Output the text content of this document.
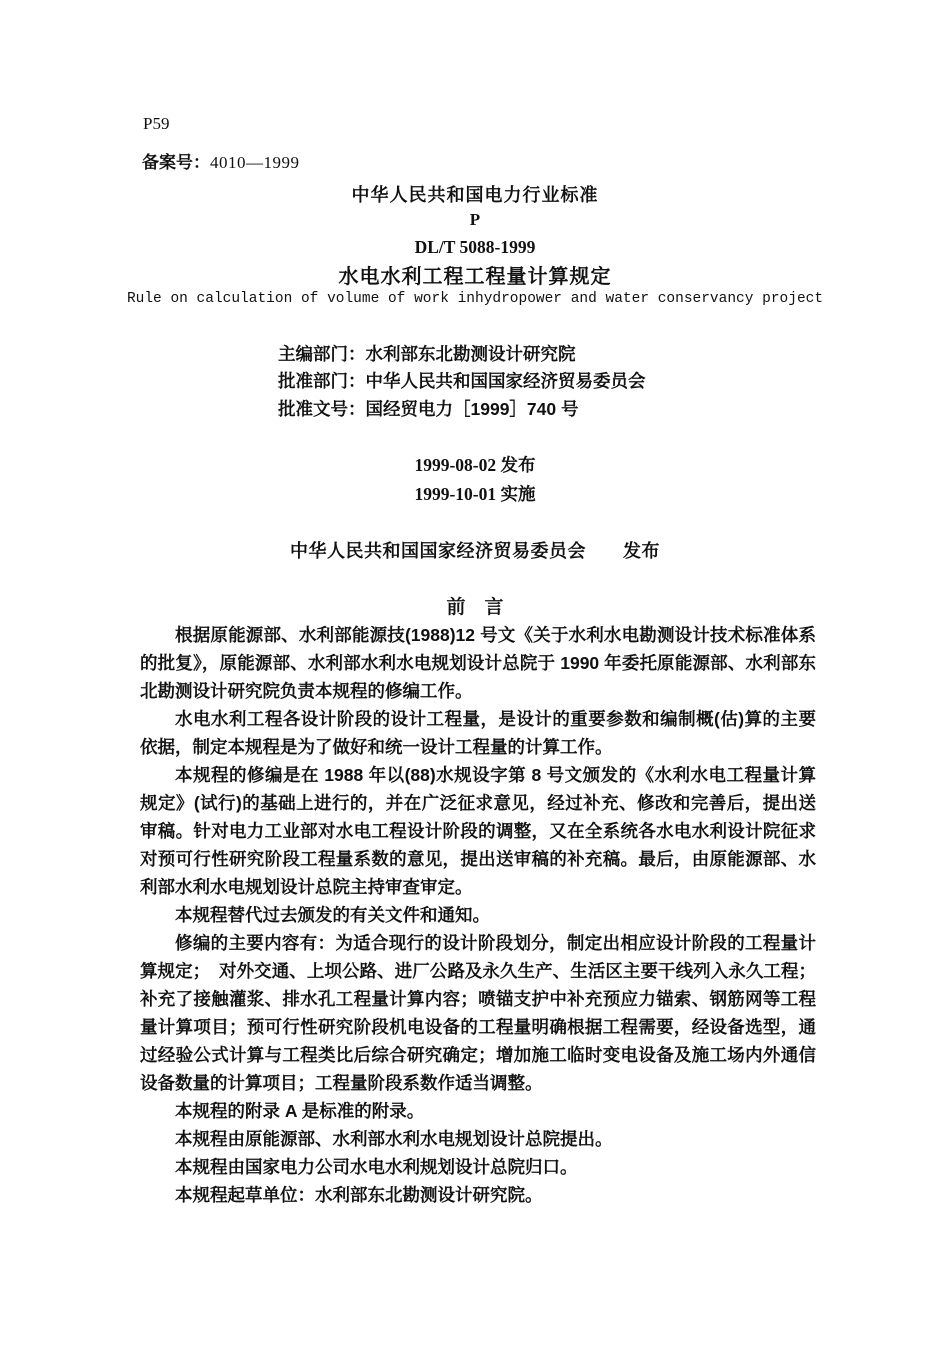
P59
备案号：4010—1999
中华人民共和国电力行业标准
P
DL/T 5088-1999
水电水利工程工程量计算规定
Rule on calculation of volume of work inhydropower and water conservancy project
主编部门：水利部东北勘测设计研究院
批准部门：中华人民共和国国家经济贸易委员会
批准文号：国经贸电力［1999］740 号
1999-08-02 发布
1999-10-01 实施
中华人民共和国国家经济贸易委员会　　发布
前　言

根据原能源部、水利部能源技(1988)12 号文《关于水利水电勘测设计技术标准体系的批复》，原能源部、水利部水利水电规划设计总院于 1990 年委托原能源部、水利部东北勘测设计研究院负责本规程的修编工作。

水电水利工程各设计阶段的设计工程量，是设计的重要参数和编制概(估)算的主要依据，制定本规程是为了做好和统一设计工程量的计算工作。

本规程的修编是在 1988 年以(88)水规设字第 8 号文颁发的《水利水电工程量计算规定》(试行)的基础上进行的，并在广泛征求意见，经过补充、修改和完善后，提出送审稿。针对电力工业部对水电工程设计阶段的调整，又在全系统各水电水利设计院征求对预可行性研究阶段工程量系数的意见，提出送审稿的补充稿。最后，由原能源部、水利部水利水电规划设计总院主持审查审定。

本规程替代过去颁发的有关文件和通知。

修编的主要内容有：为适合现行的设计阶段划分，制定出相应设计阶段的工程量计算规定；　对外交通、上坝公路、进厂公路及永久生产、生活区主要干线列入永久工程；补充了接触灌浆、排水孔工程量计算内容；喷锚支护中补充预应力锚索、钢筋网等工程量计算项目；预可行性研究阶段机电设备的工程量明确根据工程需要，经设备选型，通过经验公式计算与工程类比后综合研究确定；增加施工临时变电设备及施工场内外通信设备数量的计算项目；工程量阶段系数作适当调整。

本规程的附录 A 是标准的附录。

本规程由原能源部、水利部水利水电规划设计总院提出。

本规程由国家电力公司水电水利规划设计总院归口。

本规程起草单位：水利部东北勘测设计研究院。
